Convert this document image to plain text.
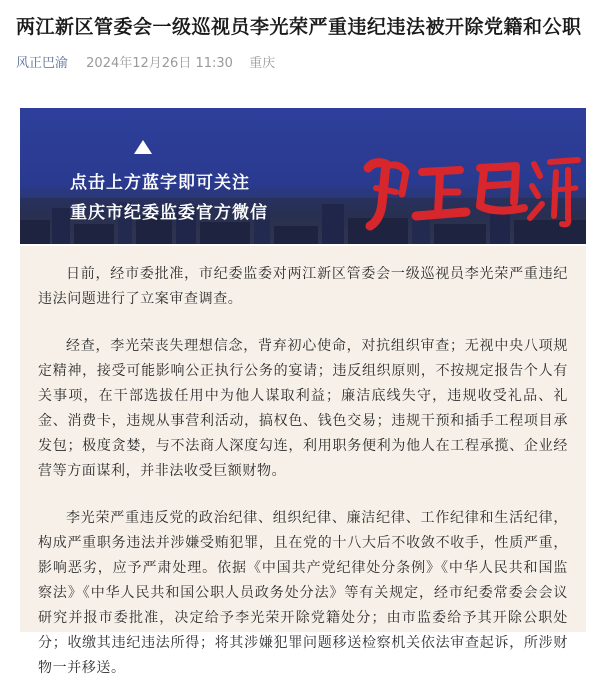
两江新区管委会一级巡视员李光荣严重违纪违法被开除党籍和公职
风正巴渝 2024年12月26日 11:30 重庆
点击上方蓝字即可关注
重庆市纪委监委官方微信

日前，经市委批准，市纪委监委对两江新区管委会一级巡视员李光荣严重违纪违法问题进行了立案审查调查。

经查，李光荣丧失理想信念，背弃初心使命，对抗组织审查；无视中央八项规定精神，接受可能影响公正执行公务的宴请；违反组织原则，不按规定报告个人有关事项，在干部选拔任用中为他人谋取利益；廉洁底线失守，违规收受礼品、礼金、消费卡，违规从事营利活动，搞权色、钱色交易；违规干预和插手工程项目承发包；极度贪婪，与不法商人深度勾连，利用职务便利为他人在工程承揽、企业经营等方面谋利，并非法收受巨额财物。

李光荣严重违反党的政治纪律、组织纪律、廉洁纪律、工作纪律和生活纪律，构成严重职务违法并涉嫌受贿犯罪，且在党的十八大后不收敛不收手，性质严重，影响恶劣，应予严肃处理。依据《中国共产党纪律处分条例》《中华人民共和国监察法》《中华人民共和国公职人员政务处分法》等有关规定，经市纪委常委会会议研究并报市委批准，决定给予李光荣开除党籍处分；由市监委给予其开除公职处分；收缴其违纪违法所得；将其涉嫌犯罪问题移送检察机关依法审查起诉，所涉财物一并移送。
